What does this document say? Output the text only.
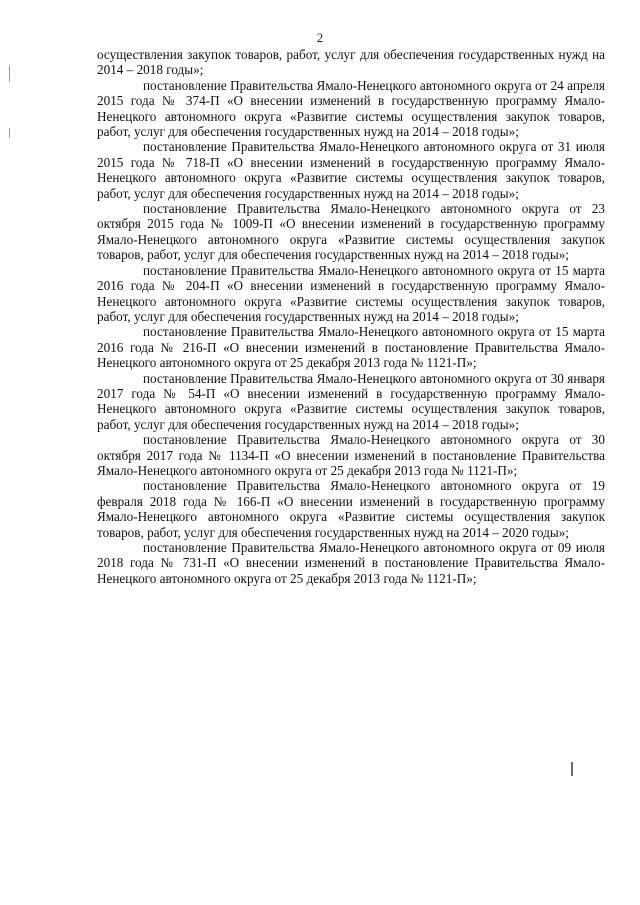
2

осуществления закупок товаров, работ, услуг для обеспечения государственных нужд на 2014 – 2018 годы»;

постановление Правительства Ямало-Ненецкого автономного округа от 24 апреля 2015 года № 374-П «О внесении изменений в государственную программу Ямало-Ненецкого автономного округа «Развитие системы осуществления закупок товаров, работ, услуг для обеспечения государственных нужд на 2014 – 2018 годы»;

постановление Правительства Ямало-Ненецкого автономного округа от 31 июля 2015 года № 718-П «О внесении изменений в государственную программу Ямало-Ненецкого автономного округа «Развитие системы осуществления закупок товаров, работ, услуг для обеспечения государственных нужд на 2014 – 2018 годы»;

постановление Правительства Ямало-Ненецкого автономного округа от 23 октября 2015 года № 1009-П «О внесении изменений в государственную программу Ямало-Ненецкого автономного округа «Развитие системы осуществления закупок товаров, работ, услуг для обеспечения государственных нужд на 2014 – 2018 годы»;

постановление Правительства Ямало-Ненецкого автономного округа от 15 марта 2016 года № 204-П «О внесении изменений в государственную программу Ямало-Ненецкого автономного округа «Развитие системы осуществления закупок товаров, работ, услуг для обеспечения государственных нужд на 2014 – 2018 годы»;

постановление Правительства Ямало-Ненецкого автономного округа от 15 марта 2016 года № 216-П «О внесении изменений в постановление Правительства Ямало-Ненецкого автономного округа от 25 декабря 2013 года № 1121-П»;

постановление Правительства Ямало-Ненецкого автономного округа от 30 января 2017 года № 54-П «О внесении изменений в государственную программу Ямало-Ненецкого автономного округа «Развитие системы осуществления закупок товаров, работ, услуг для обеспечения государственных нужд на 2014 – 2018 годы»;

постановление Правительства Ямало-Ненецкого автономного округа от 30 октября 2017 года № 1134-П «О внесении изменений в постановление Правительства Ямало-Ненецкого автономного округа от 25 декабря 2013 года № 1121-П»;

постановление Правительства Ямало-Ненецкого автономного округа от 19 февраля 2018 года № 166-П «О внесении изменений в государственную программу Ямало-Ненецкого автономного округа «Развитие системы осуществления закупок товаров, работ, услуг для обеспечения государственных нужд на 2014 – 2020 годы»;

постановление Правительства Ямало-Ненецкого автономного округа от 09 июля 2018 года № 731-П «О внесении изменений в постановление Правительства Ямало-Ненецкого автономного округа от 25 декабря 2013 года № 1121-П»;
